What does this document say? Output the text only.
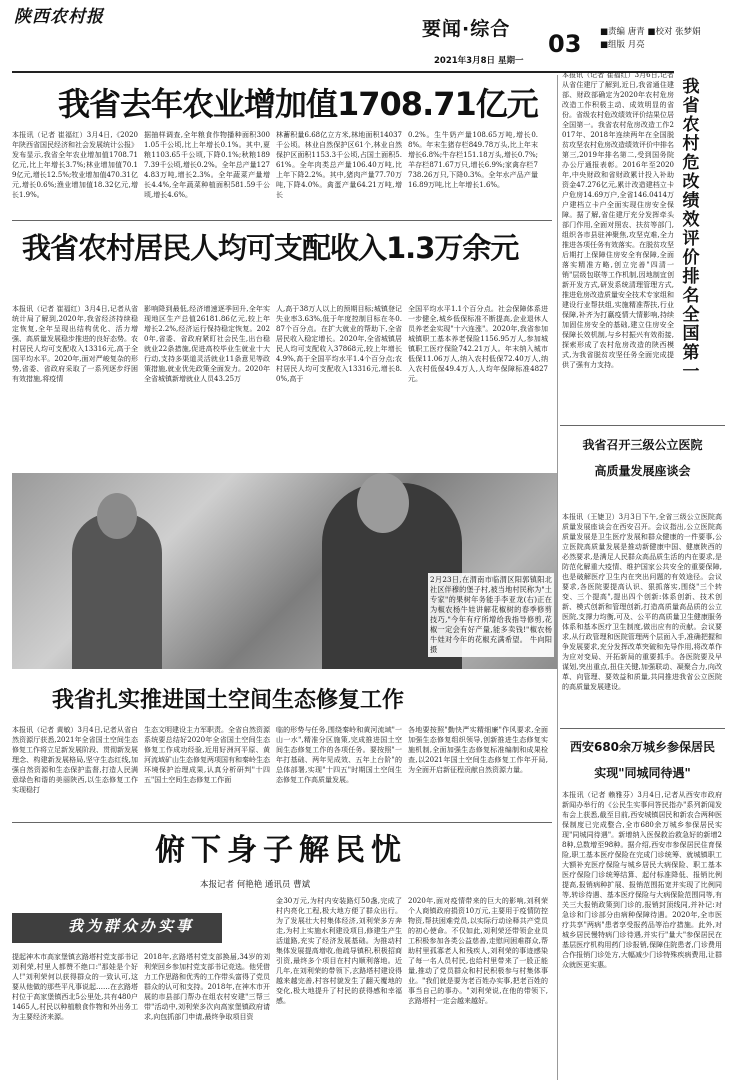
陕西农村报
要闻·综合
03 ■责编 唐青 ■校对 张梦娟
■组版 月亮
2021年3月8日 星期一
我省去年农业增加值1708.71亿元
本报讯（记者 崔福红）3月4日,《2020年陕西省国民经济和社会发展统计公报》发布显示,我省全年农业增加值1708.71亿元,比上年增长3.7%;林业增加值70.19亿元,增长12.5%;牧业增加值470.31亿元,增长0.6%;渔业增加值18.32亿元,增长1.9%。
据抽样调查,全年粮食作物播种面积3001.05千公顷,比上年增长0.1%。其中,夏粮1103.65千公顷,下降0.1%;秋粮1897.39千公顷,增长0.2%。全年总产量1274.83万吨,增长2.3%。全年蔬菜产量增长4.4%,全年蔬菜种植面积581.59千公顷,增长4.6%。
林蓄积量6.68亿立方米,林地面积14037千公顷。林业自然保护区61个,林业自然保护区面积1153.3千公顷,占国土面积5.61%。全年肉类总产量106.40万吨,比上年下降2.2%。其中,猪肉产量77.70万吨,下降4.0%。禽蛋产量64.21万吨,增长
0.2%。生牛奶产量108.65万吨,增长0.8%。年末生猪存栏849.78万头,比上年末增长6.8%;牛存栏151.18万头,增长0.7%;羊存栏871.67万只,增长6.9%;家禽存栏7738.26万只,下降0.3%。全年水产品产量16.89万吨,比上年增长1.6%。
我省农村居民人均可支配收入1.3万余元
本报讯（记者 崔福红）3月4日,记者从省统计局了解到,2020年,我省经济持续稳定恢复,全年呈现出结构优化、活力增强、高质量发展稳步推进的良好态势。农村居民人均可支配收入13316元,高于全国平均水平。2020年,面对严峻复杂的形势,省委、省政府采取了一系列逐步纾困有效措施,将疫情
影响降到最低,经济增速逐季回升,全年实现地区生产总值26181.86亿元,较上年增长2.2%,经济运行保持稳定恢复。2020年,省委、省政府紧盯社会民生,出台稳就业22条措施,促进高校毕业生就业十大行动,支持多渠道灵活就业11条意见等政策措施,就业优先政策全面发力。2020年全省城镇新增就业人员43.25万
人,高于38万人以上的预期目标;城镇登记失业率3.63%,低于年度控制目标在冬0.87个百分点。在扩大就业的帮助下,全省居民收入稳定增长。2020年,全省城镇居民人均可支配收入37868元,较上年增长4.9%,高于全国平均水平1.4个百分点;农村居民人均可支配收入13316元,增长8.0%,高于
全国平均水平1.1个百分点。社会保障体系进一步健全,城乡低保标准不断提高,企业退休人员养老金实现"十六连涨"。2020年,我省参加城镇职工基本养老保险1156.95万人,参加城镇职工医疗保险742.21万人。年末纳入城市低保11.06万人,纳入农村低保72.40万人,纳入农村低保49.4万人,人均年保障标准4827元。
本报讯（记者 崔福红）3月6日,记者从省住建厅了解到,近日,我省通住建部、财政部确定为2020年农村危房改造工作积极主动、成效明显的省份。省级农村危改绩效评价结果位居全国第一。我省农村危房改造工作2017年、2018年连续两年在全国脱贫攻坚农村危房改造绩效评价中排名第三,2019年排名第二,受到国务院办公厅通报表彰。2016年至2020年,中央财政和省财政累计投入补助资金47.276亿元,累计改造建档立卡户危房14.69万户,全省146.0414万户建档立卡户全面实现住房安全保障。据了解,省住建厅充分发挥牵头部门作用,全面对照农、扶贫等部门,组织各市县驻神聚焦,攻坚克难,全力推进各项任务有效落实。在脱贫攻坚后期打上保障住房安全有保障,全面落实精准方略,创立完善"四清一销"层级包联等工作机制,因地制宜创新开发方式,研发系统清理管理方式,推进危房改造质量安全技术专家组和建设行业帮扶组,实施精准帮扶,行业保障,补齐为打赢疫情大情影响,持续加固住房安全的基础,建立住房安全保障长效机制,与乡村振兴有效衔接,探索形成了农村危房改造的陕西模式,为我省脱贫攻坚任务全面完成提供了强有力支持。
我省农村危改绩效评价排名全国第一
我省召开三级公立医院
高质量发展座谈会
本报讯（王婕卫）3月3日下午,全省三级公立医院高质量发展座谈会在西安召开。会议指出,公立医院高质量发展是卫生医疗发展和群众健康的一件要事,公立医院高质量发展是推动新健康中国、健康陕西的必然要求,是满足人民群众高品质生活的内在要求,是防范化解重大疫情、维护国家公共安全的重要保障,也是破解医疗卫生内在突出问题的有效途径。会议要求,各医院要提高认识、狠抓落实,围绕"三个转变、三个提高",提出四个创新:体系创新、技术创新、模式创新和管理创新,打造高质量高品质的公立医院,支撑力均衡,可及、公平的高质量卫生健康服务体系和基本医疗卫生制度,做出应有的贡献。会议要求,从行政管理和医院管理两个层面入手,准确把握和争发展要求,充分发挥改革突破和先导作用,将改革作为应对变局、开拓新局的重要抓手。各医院要及早谋划,突出重点,扭住关键,加强联动、凝聚合力,向改革、向管理、要效益和质量,共同推进我省公立医院的高质量发展建设。
西安680余万城乡参保居民
实现"同城同待遇"
本报讯（记者 赖雅芬）3月4日,记者从西安市政府新闻办举行的《公民生实事问答民指办"系列新闻发布会上获悉,截至目前,西安城镇居民和新农合两种医保制度已完成整合,全市680余万城乡参保居民实现"同城同待遇"。新增纳入医保救治救急好的新增28种,总数增至98种。据介绍,西安市参保居民住育保险,职工基本医疗保险在完成门诊统筹、就城镇职工大额补充医疗保险与城乡居民大病保险、职工基本医疗保险门诊统筹结算、起付标准降低、报销比例提高,报销病种扩展、报销范围拓宽并实现了比例同等,转诊待遇、基本医疗保险与大病保险范围同等,有关三大报销政策到门诊的,报销封顶线同,并补记:对急诊和门诊部分由病种保障待遇。2020年,全市医疗共享"两病"患者享受报药品等治疗措施。此外,对城乡居民慢特病门诊待遇,并实行"量大"参保居民在基层医疗机构用药门诊报销,保障住院患者,门诊费用合作报销门诊处方,大幅减少门诊特殊疾病费用,让群众就医更实惠。
2月23日,在渭南市临渭区阳郭镇阳北社区伴穆的堡子村,被当地村民称为"土专家"的果树年务能手李亚龙(右)正在为椒农杨牛娃讲解花椒树的春季修剪技巧,"今年有疗所增给我指导修剪,花椒一定会有好产量,能多卖钱!"椒农杨牛娃对今年的花椒充满希望。 牛向阳 摄
我省扎实推进国土空间生态修复工作
本报讯（记者 黄敏）3月4日,记者从省自然资源厅获悉,2021年全省国土空间生态修复工作将立足新发展阶段、贯彻新发展理念、构建新发展格局,坚守生态红线,加强自然资源和生态保护监督,打造人民满意绿色和谐的美丽陕西,以生态修复工作实现稳打
生态文明建设主力军职责。全省自然资源系统要总结好2020年全省国土空间生态修复工作成功经验,近用好洲河平原、黄河流域矿山生态修复两项国有和秦岭生态环境保护治理成果,认真分析研判"十四五"国土空间生态修复工作面
临的形势与任务,围绕秦岭和黄河流域"一山一水",精准分区施策,完成推进国土空间生态修复工作的各项任务。要按照"一年打基础、两年见成效、五年上台阶"的总体部署,实现"十四五"时期国土空间生态修复工作高质量发展。
各地要按照"勤快严实精细廉"作风要求,全面加强生态修复组织领导,创新推进生态修复实施机制,全面加强生态修复标准编制和成果检查,以2021年国土空间生态修复工作年开局,为全面开启新征程贡献自然资源力量。
俯下身子解民忧
本报记者 何艳艳 通讯员 曹斌
我为群众办实事
提起神木市高家堡镇玄路塔村党支部书记刘利荣,村里人都赞不绝口:"那娃是个好人!"刘利荣何以获得群众的一致认可,这要从他做的那些平凡事说起……在玄路塔村位于高家堡镇西北5公里处,共有480户1465人,村民以种植粮食作物和外出务工为主要经济来源。
2018年,玄路塔村党支部换届,34岁的刘利荣回乡参加村党支部书记竞选。他凭借力工作思路和优秀的工作带头富得了党员群众的认可和支持。2018年,在神木市开展的市县部门帮办在组农村安建"三帮三带"活动中,刘利荣多次向高家堡镇政府请求,向包抓部门申请,最终争取项目资
金30万元,为村内安装路灯50盏,完成了村内亮化工程,极大地方便了群众出行。为了发展壮大村集体经济,刘利荣多方奔走,为村上实施水利建设项目,修建生产生活道路,充实了经济发展基础。为推动村集体发展提高增收,他疏导镇积,积极招商引资,最终多个项目在村内顺利落地。近几年,在刘利荣的带领下,玄路塔村建设得越来越完善,村容村貌发生了翻天覆地的变化,极大地提升了村民的获得感和幸福感。
2020年,面对疫情带来的巨大的影响,刘利荣个人商镇政府捐资10万元,主要用于疫情防控物资,帮扶困难党员,以实际行动诠释共产党员的初心使命。不仅如此,刘利荣还带领企业员工积极参加各类公益慈善,走慰问困难群众,帮助村里孤寡老人和残疾人,刘利荣的事迹感染了每一名人员村民,也给村里带来了一股正能量,推动了党员群众和村民积极参与村集体事业。"我们就是要为老百姓办实事,把老百姓的事当自己的事办。"刘利荣说,在他的带领下,玄路塔村一定会越来越好。
